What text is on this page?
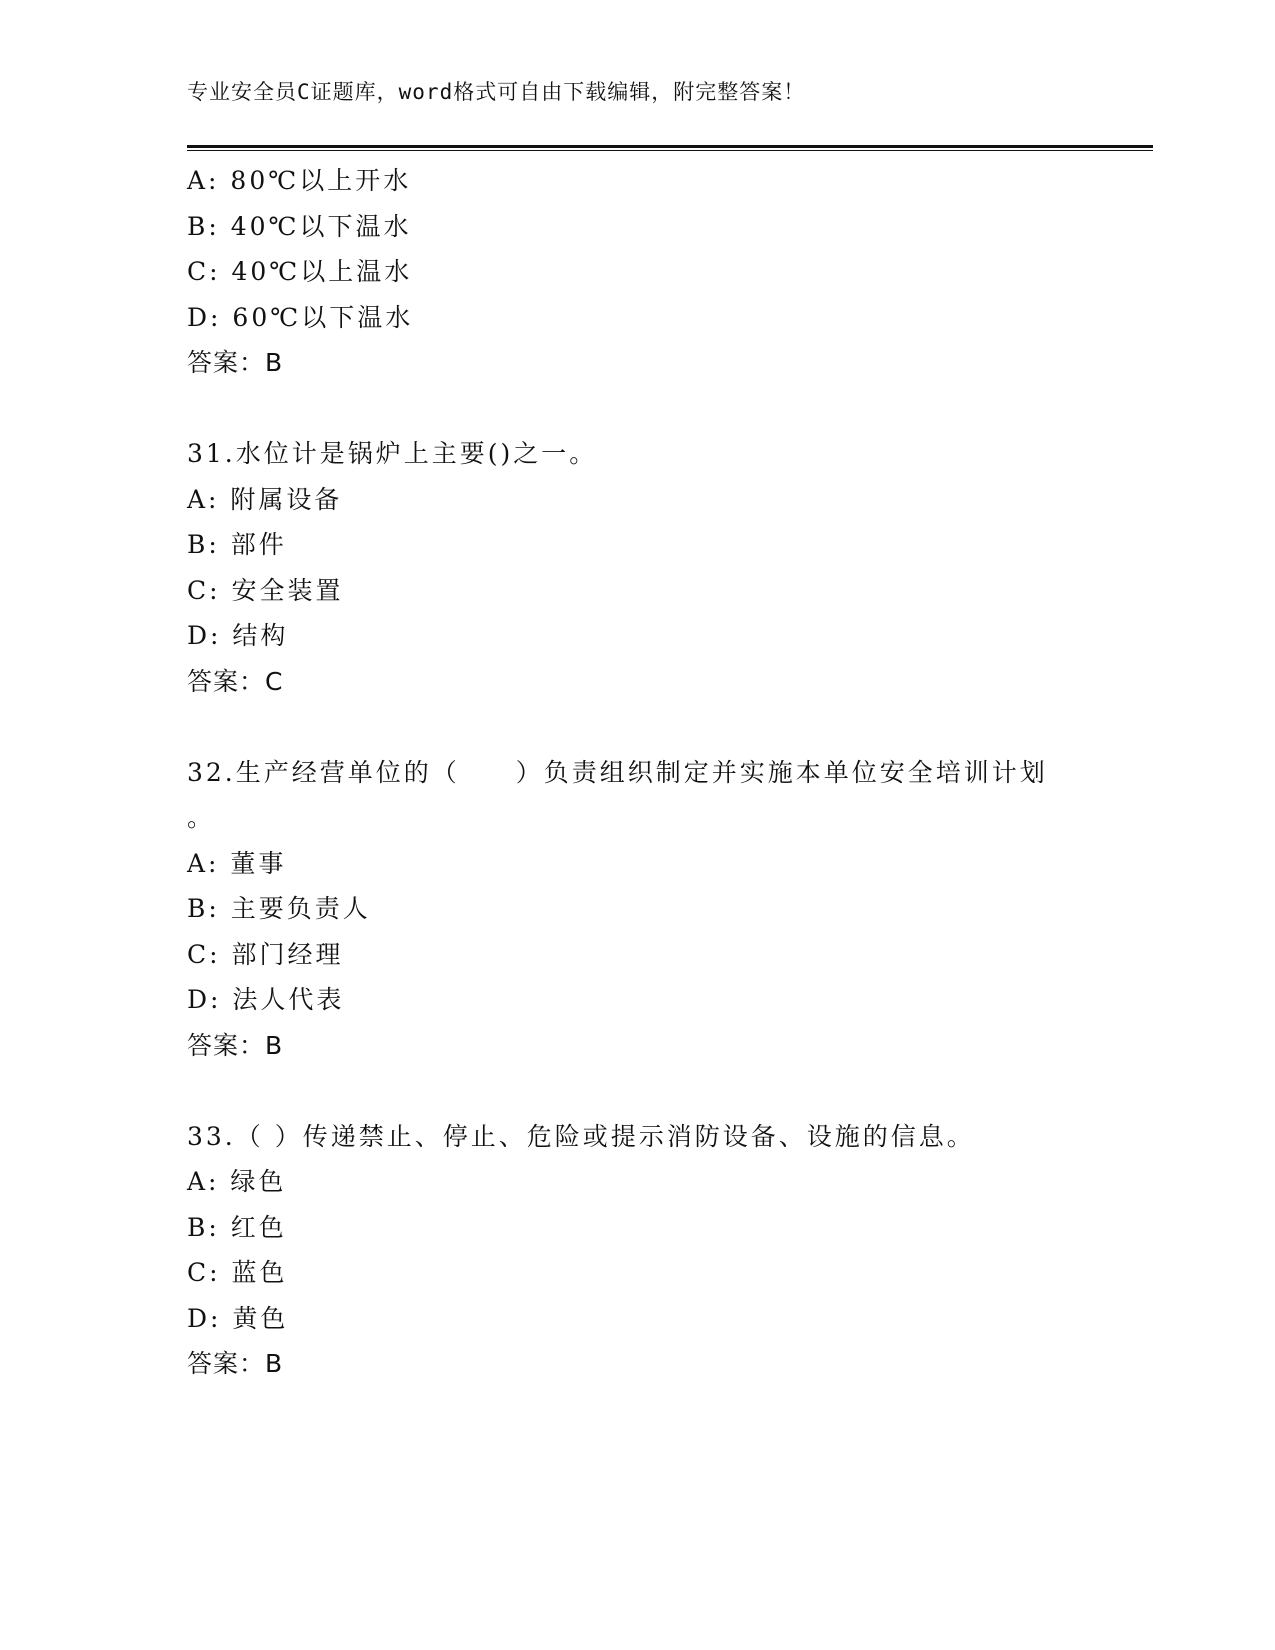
专业安全员C证题库，word格式可自由下载编辑，附完整答案！
A: 80℃以上开水
B: 40℃以下温水
C: 40℃以上温水
D: 60℃以下温水
答案：B
31.水位计是锅炉上主要()之一。
A: 附属设备
B: 部件
C: 安全装置
D: 结构
答案：C
32.生产经营单位的（　　）负责组织制定并实施本单位安全培训计划
。
A: 董事
B: 主要负责人
C: 部门经理
D: 法人代表
答案：B
33.（ ）传递禁止、停止、危险或提示消防设备、设施的信息。
A: 绿色
B: 红色
C: 蓝色
D: 黄色
答案：B
